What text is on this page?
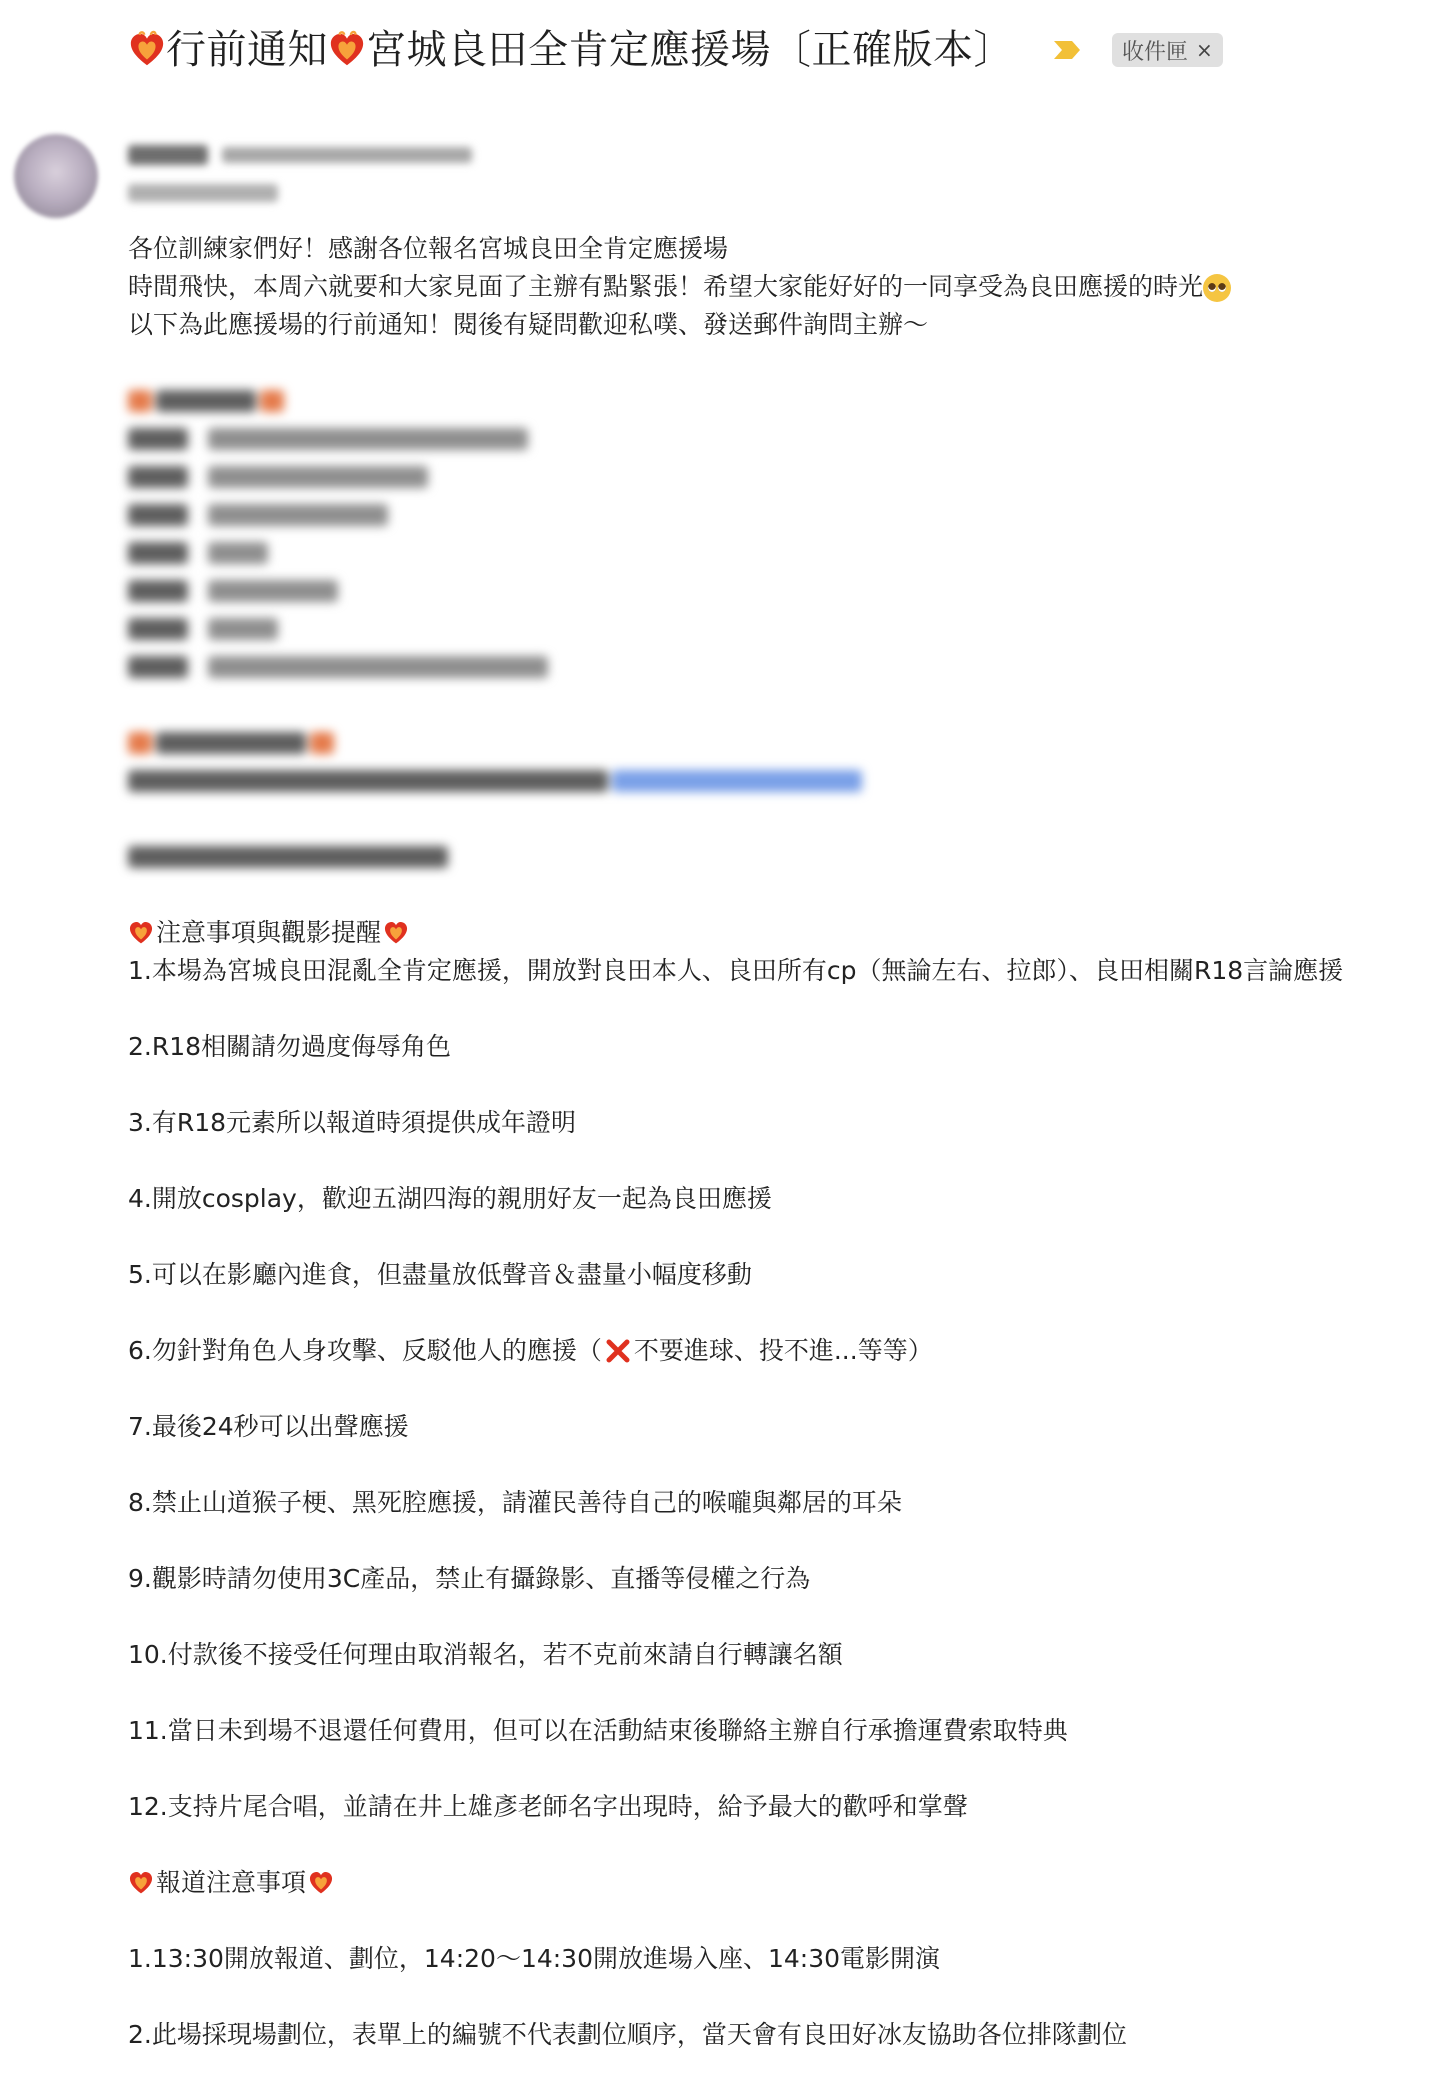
行前通知 宮城良田全肯定應援場〔正確版本〕	收件匣 ×

各位訓練家們好！感謝各位報名宮城良田全肯定應援場

時間飛快，本周六就要和大家見面了主辦有點緊張！希望大家能好好的一同享受為良田應援的時光

以下為此應援場的行前通知！閱後有疑問歡迎私噗、發送郵件詢問主辦～

注意事項與觀影提醒
1.本場為宮城良田混亂全肯定應援，開放對良田本人、良田所有cp（無論左右、拉郎）、良田相關R18言論應援
2.R18相關請勿過度侮辱角色
3.有R18元素所以報道時須提供成年證明
4.開放cosplay，歡迎五湖四海的親朋好友一起為良田應援
5.可以在影廳內進食，但盡量放低聲音＆盡量小幅度移動
6.勿針對角色人身攻擊、反駁他人的應援（ 不要進球、投不進...等等）
7.最後24秒可以出聲應援
8.禁止山道猴子梗、黑死腔應援，請灌民善待自己的喉嚨與鄰居的耳朵
9.觀影時請勿使用3C產品，禁止有攝錄影、直播等侵權之行為
10.付款後不接受任何理由取消報名，若不克前來請自行轉讓名額
11.當日未到場不退還任何費用，但可以在活動結束後聯絡主辦自行承擔運費索取特典
12.支持片尾合唱，並請在井上雄彥老師名字出現時，給予最大的歡呼和掌聲
報道注意事項
1.13:30開放報道、劃位，14:20～14:30開放進場入座、14:30電影開演
2.此場採現場劃位，表單上的編號不代表劃位順序，當天會有良田好冰友協助各位排隊劃位
